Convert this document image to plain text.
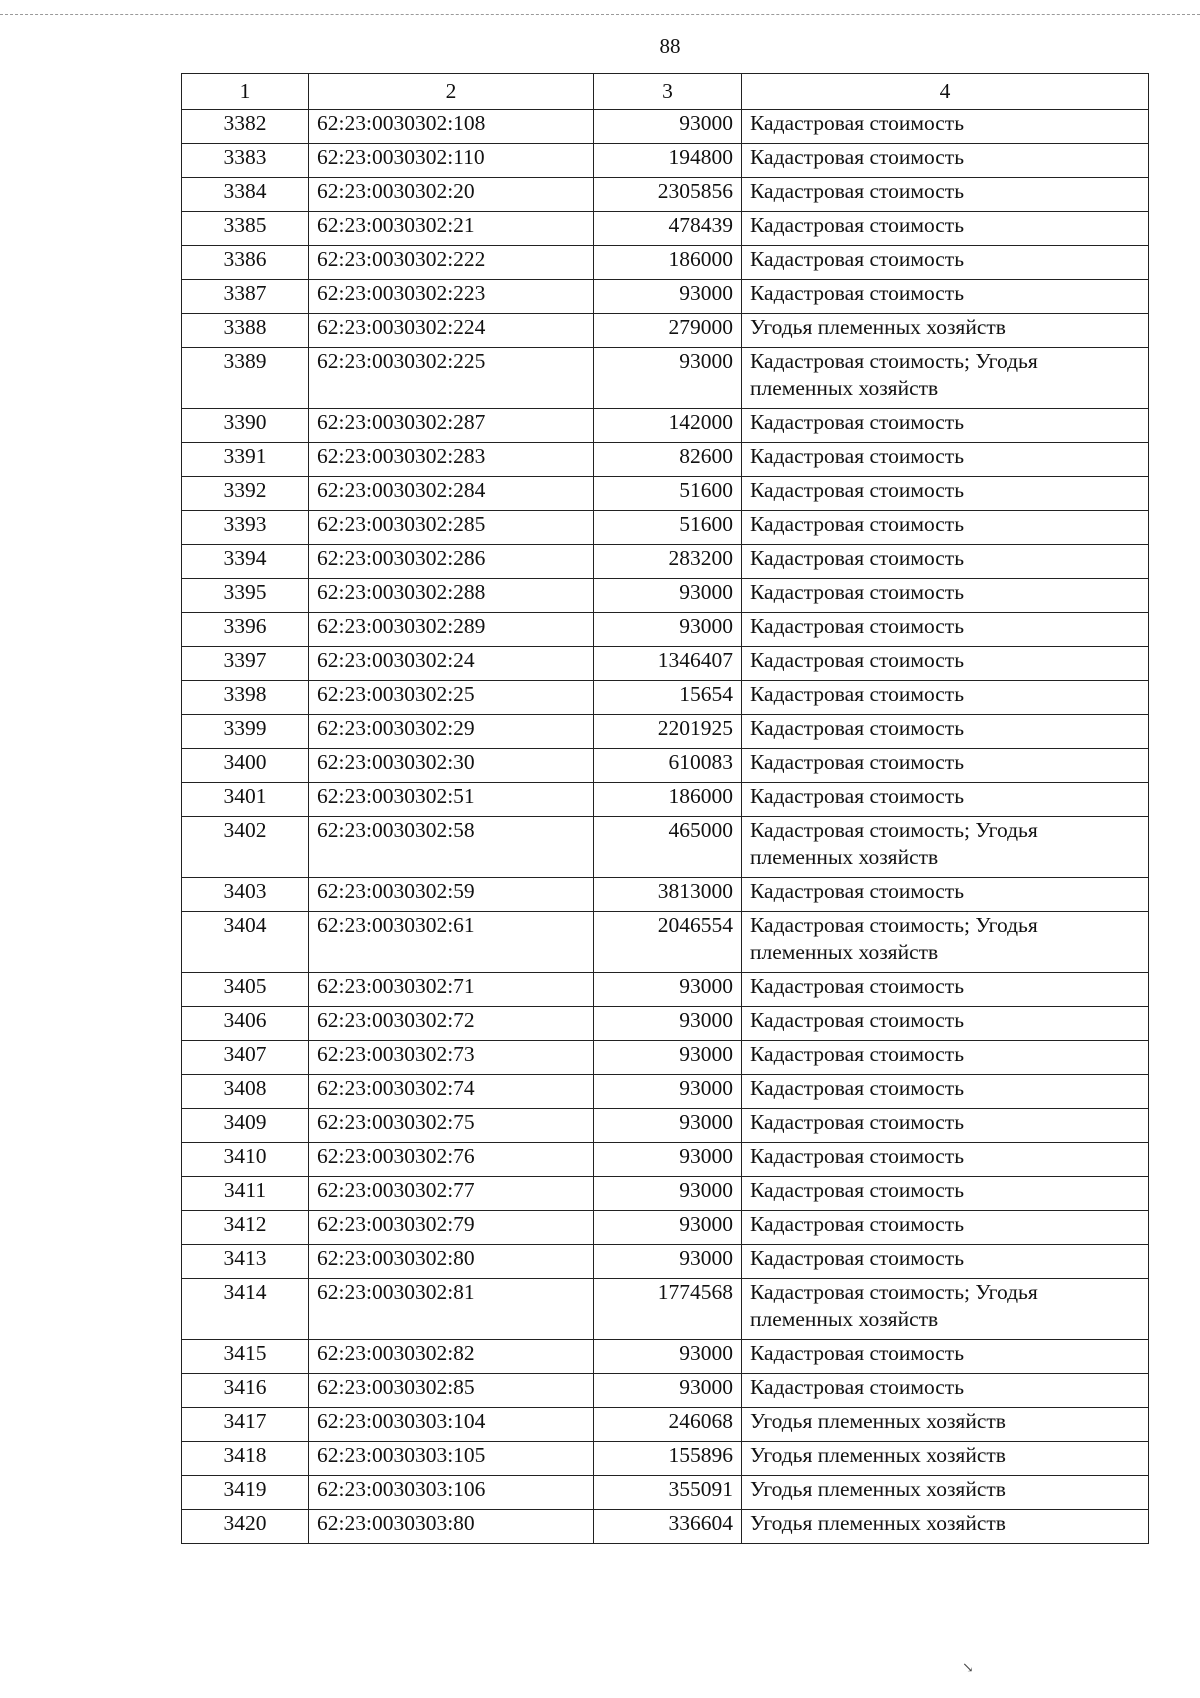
88
1	2	3	4
3382	62:23:0030302:108	93000	Кадастровая стоимость
3383	62:23:0030302:110	194800	Кадастровая стоимость
3384	62:23:0030302:20	2305856	Кадастровая стоимость
3385	62:23:0030302:21	478439	Кадастровая стоимость
3386	62:23:0030302:222	186000	Кадастровая стоимость
3387	62:23:0030302:223	93000	Кадастровая стоимость
3388	62:23:0030302:224	279000	Угодья племенных хозяйств
3389	62:23:0030302:225	93000	Кадастровая стоимость; Угодья племенных хозяйств
3390	62:23:0030302:287	142000	Кадастровая стоимость
3391	62:23:0030302:283	82600	Кадастровая стоимость
3392	62:23:0030302:284	51600	Кадастровая стоимость
3393	62:23:0030302:285	51600	Кадастровая стоимость
3394	62:23:0030302:286	283200	Кадастровая стоимость
3395	62:23:0030302:288	93000	Кадастровая стоимость
3396	62:23:0030302:289	93000	Кадастровая стоимость
3397	62:23:0030302:24	1346407	Кадастровая стоимость
3398	62:23:0030302:25	15654	Кадастровая стоимость
3399	62:23:0030302:29	2201925	Кадастровая стоимость
3400	62:23:0030302:30	610083	Кадастровая стоимость
3401	62:23:0030302:51	186000	Кадастровая стоимость
3402	62:23:0030302:58	465000	Кадастровая стоимость; Угодья племенных хозяйств
3403	62:23:0030302:59	3813000	Кадастровая стоимость
3404	62:23:0030302:61	2046554	Кадастровая стоимость; Угодья племенных хозяйств
3405	62:23:0030302:71	93000	Кадастровая стоимость
3406	62:23:0030302:72	93000	Кадастровая стоимость
3407	62:23:0030302:73	93000	Кадастровая стоимость
3408	62:23:0030302:74	93000	Кадастровая стоимость
3409	62:23:0030302:75	93000	Кадастровая стоимость
3410	62:23:0030302:76	93000	Кадастровая стоимость
3411	62:23:0030302:77	93000	Кадастровая стоимость
3412	62:23:0030302:79	93000	Кадастровая стоимость
3413	62:23:0030302:80	93000	Кадастровая стоимость
3414	62:23:0030302:81	1774568	Кадастровая стоимость; Угодья племенных хозяйств
3415	62:23:0030302:82	93000	Кадастровая стоимость
3416	62:23:0030302:85	93000	Кадастровая стоимость
3417	62:23:0030303:104	246068	Угодья племенных хозяйств
3418	62:23:0030303:105	155896	Угодья племенных хозяйств
3419	62:23:0030303:106	355091	Угодья племенных хозяйств
3420	62:23:0030303:80	336604	Угодья племенных хозяйств
↘
